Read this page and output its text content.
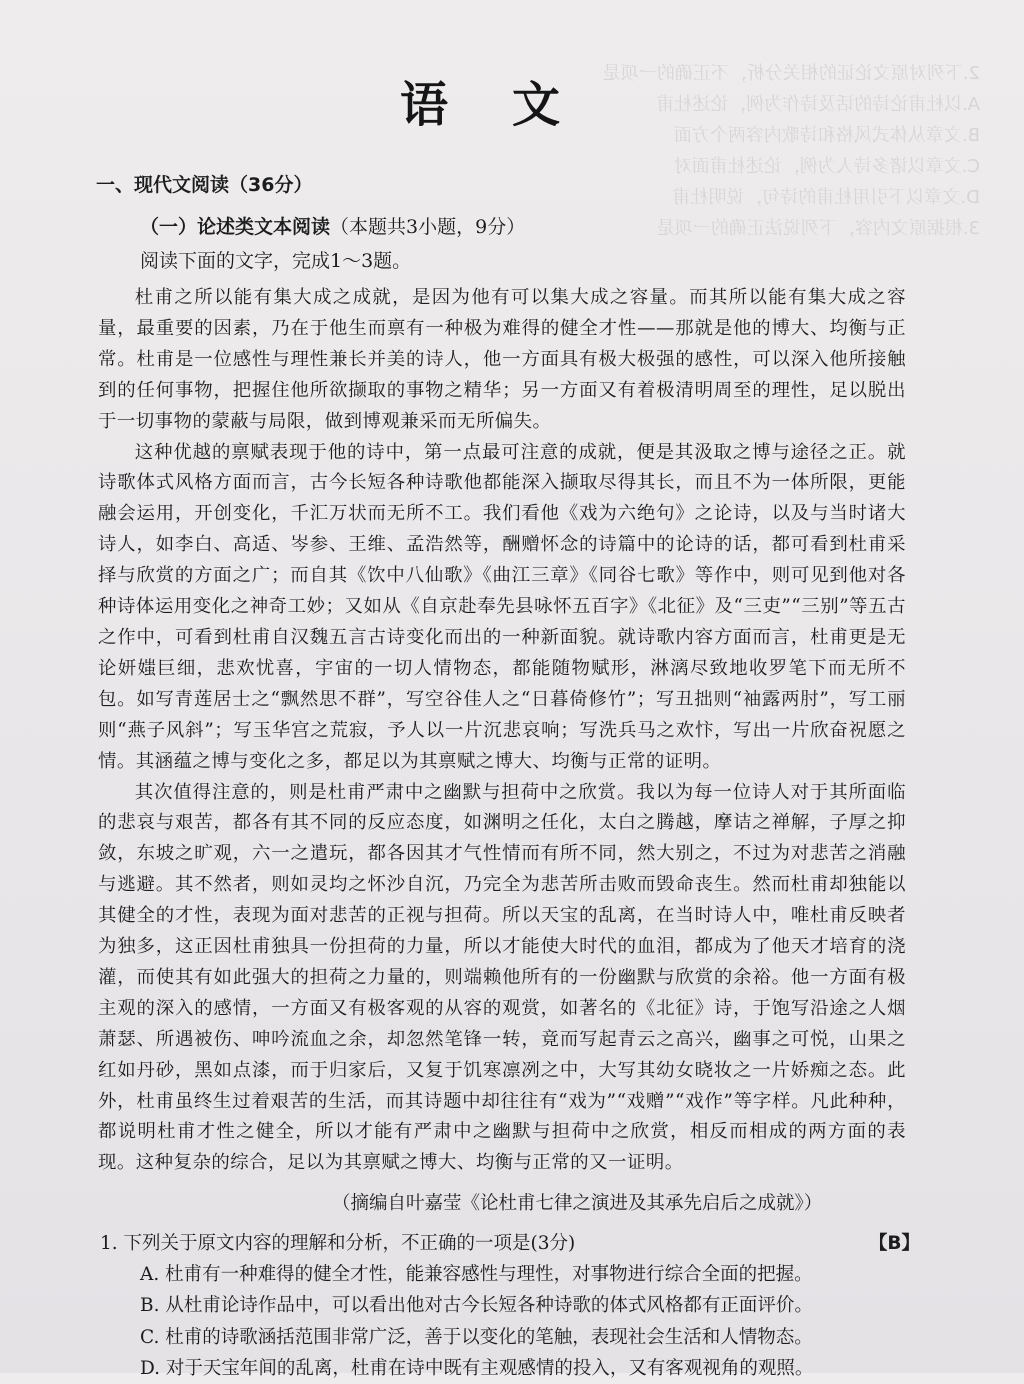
2.下列对原文论证的相关分析，不正确的一项是
A.以杜甫论诗的话及诗作为例，论述杜甫
B.文章从体式风格和诗歌内容两个方面
C.文章以诸多诗人为例，论述杜甫面对
D.文章以下引用杜甫的诗句，说明杜甫
3.根据原文内容，下列说法正确的一项是
语文
一、现代文阅读（36分）
（一）论述类文本阅读（本题共3小题，9分）
阅读下面的文字，完成1～3题。

杜甫之所以能有集大成之成就，是因为他有可以集大成之容量。而其所以能有集大成之容量，最重要的因素，乃在于他生而禀有一种极为难得的健全才性——那就是他的博大、均衡与正常。杜甫是一位感性与理性兼长并美的诗人，他一方面具有极大极强的感性，可以深入他所接触到的任何事物，把握住他所欲撷取的事物之精华；另一方面又有着极清明周至的理性，足以脱出于一切事物的蒙蔽与局限，做到博观兼采而无所偏失。

这种优越的禀赋表现于他的诗中，第一点最可注意的成就，便是其汲取之博与途径之正。就诗歌体式风格方面而言，古今长短各种诗歌他都能深入撷取尽得其长，而且不为一体所限，更能融会运用，开创变化，千汇万状而无所不工。我们看他《戏为六绝句》之论诗，以及与当时诸大诗人，如李白、高适、岑参、王维、孟浩然等，酬赠怀念的诗篇中的论诗的话，都可看到杜甫采择与欣赏的方面之广；而自其《饮中八仙歌》《曲江三章》《同谷七歌》等作中，则可见到他对各种诗体运用变化之神奇工妙；又如从《自京赴奉先县咏怀五百字》《北征》及“三吏”“三别”等五古之作中，可看到杜甫自汉魏五言古诗变化而出的一种新面貌。就诗歌内容方面而言，杜甫更是无论妍媸巨细，悲欢忧喜，宇宙的一切人情物态，都能随物赋形，淋漓尽致地收罗笔下而无所不包。如写青莲居士之“飘然思不群”，写空谷佳人之“日暮倚修竹”；写丑拙则“袖露两肘”，写工丽则“燕子风斜”；写玉华宫之荒寂，予人以一片沉悲哀响；写洗兵马之欢忭，写出一片欣奋祝愿之情。其涵蕴之博与变化之多，都足以为其禀赋之博大、均衡与正常的证明。

其次值得注意的，则是杜甫严肃中之幽默与担荷中之欣赏。我以为每一位诗人对于其所面临的悲哀与艰苦，都各有其不同的反应态度，如渊明之任化，太白之腾越，摩诘之禅解，子厚之抑敛，东坡之旷观，六一之遣玩，都各因其才气性情而有所不同，然大别之，不过为对悲苦之消融与逃避。其不然者，则如灵均之怀沙自沉，乃完全为悲苦所击败而毁命丧生。然而杜甫却独能以其健全的才性，表现为面对悲苦的正视与担荷。所以天宝的乱离，在当时诗人中，唯杜甫反映者为独多，这正因杜甫独具一份担荷的力量，所以才能使大时代的血泪，都成为了他天才培育的浇灌，而使其有如此强大的担荷之力量的，则端赖他所有的一份幽默与欣赏的余裕。他一方面有极主观的深入的感情，一方面又有极客观的从容的观赏，如著名的《北征》诗，于饱写沿途之人烟萧瑟、所遇被伤、呻吟流血之余，却忽然笔锋一转，竟而写起青云之高兴，幽事之可悦，山果之红如丹砂，黑如点漆，而于归家后，又复于饥寒凛冽之中，大写其幼女晓妆之一片娇痴之态。此外，杜甫虽终生过着艰苦的生活，而其诗题中却往往有“戏为”“戏赠”“戏作”等字样。凡此种种，都说明杜甫才性之健全，所以才能有严肃中之幽默与担荷中之欣赏，相反而相成的两方面的表现。这种复杂的综合，足以为其禀赋之博大、均衡与正常的又一证明。

（摘编自叶嘉莹《论杜甫七律之演进及其承先启后之成就》）
1. 下列关于原文内容的理解和分析，不正确的一项是(3分)	【B】
A. 杜甫有一种难得的健全才性，能兼容感性与理性，对事物进行综合全面的把握。
B. 从杜甫论诗作品中，可以看出他对古今长短各种诗歌的体式风格都有正面评价。
C. 杜甫的诗歌涵括范围非常广泛，善于以变化的笔触，表现社会生活和人情物态。
D. 对于天宝年间的乱离，杜甫在诗中既有主观感情的投入，又有客观视角的观照。
